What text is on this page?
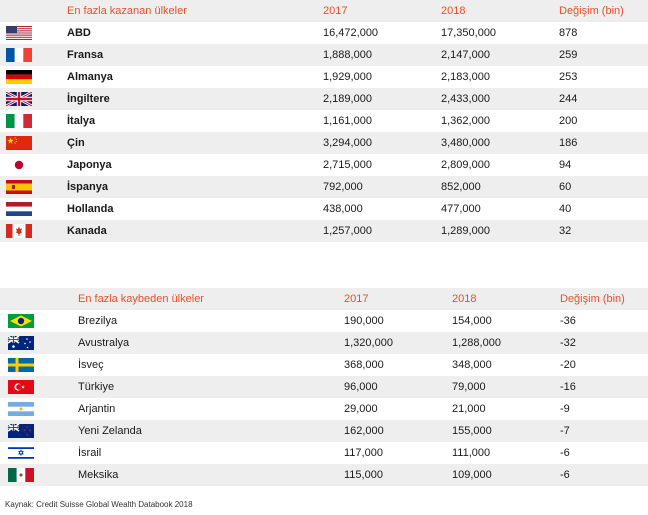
En fazla kazanan ülkeler	2017	2018	Değişim (bin)
ABD	16,472,000	17,350,000	878
Fransa	1,888,000	2,147,000	259
Almanya	1,929,000	2,183,000	253
İngiltere	2,189,000	2,433,000	244
İtalya	1,161,000	1,362,000	200
Çin	3,294,000	3,480,000	186
Japonya	2,715,000	2,809,000	94
İspanya	792,000	852,000	60
Hollanda	438,000	477,000	40
Kanada	1,257,000	1,289,000	32
En fazla kaybeden ülkeler	2017	2018	Değişim (bin)
Brezilya	190,000	154,000	-36
Avustralya	1,320,000	1,288,000	-32
İsveç	368,000	348,000	-20
Türkiye	96,000	79,000	-16
Arjantin	29,000	21,000	-9
Yeni Zelanda	162,000	155,000	-7
İsrail	117,000	111,000	-6
Meksika	115,000	109,000	-6
Kaynak: Credit Suisse Global Wealth Databook 2018
